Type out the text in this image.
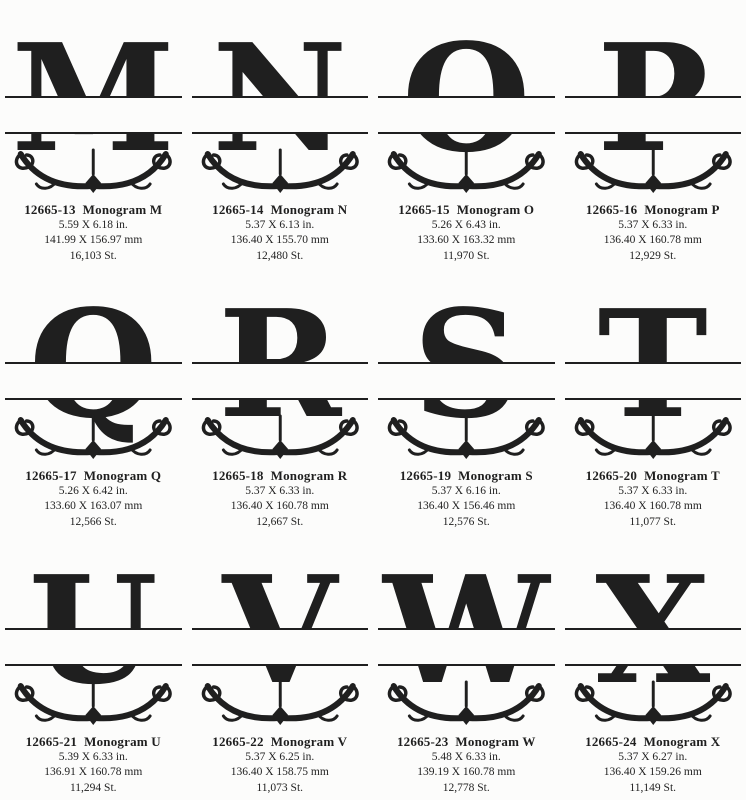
12665-13 Monogram M
5.59 X 6.18 in.
141.99 X 156.97 mm
16,103 St.
12665-14 Monogram N
5.37 X 6.13 in.
136.40 X 155.70 mm
12,480 St.
12665-15 Monogram O
5.26 X 6.43 in.
133.60 X 163.32 mm
11,970 St.
12665-16 Monogram P
5.37 X 6.33 in.
136.40 X 160.78 mm
12,929 St.
12665-17 Monogram Q
5.26 X 6.42 in.
133.60 X 163.07 mm
12,566 St.
12665-18 Monogram R
5.37 X 6.33 in.
136.40 X 160.78 mm
12,667 St.
12665-19 Monogram S
5.37 X 6.16 in.
136.40 X 156.46 mm
12,576 St.
12665-20 Monogram T
5.37 X 6.33 in.
136.40 X 160.78 mm
11,077 St.
12665-21 Monogram U
5.39 X 6.33 in.
136.91 X 160.78 mm
11,294 St.
12665-22 Monogram V
5.37 X 6.25 in.
136.40 X 158.75 mm
11,073 St.
12665-23 Monogram W
5.48 X 6.33 in.
139.19 X 160.78 mm
12,778 St.
12665-24 Monogram X
5.37 X 6.27 in.
136.40 X 159.26 mm
11,149 St.
